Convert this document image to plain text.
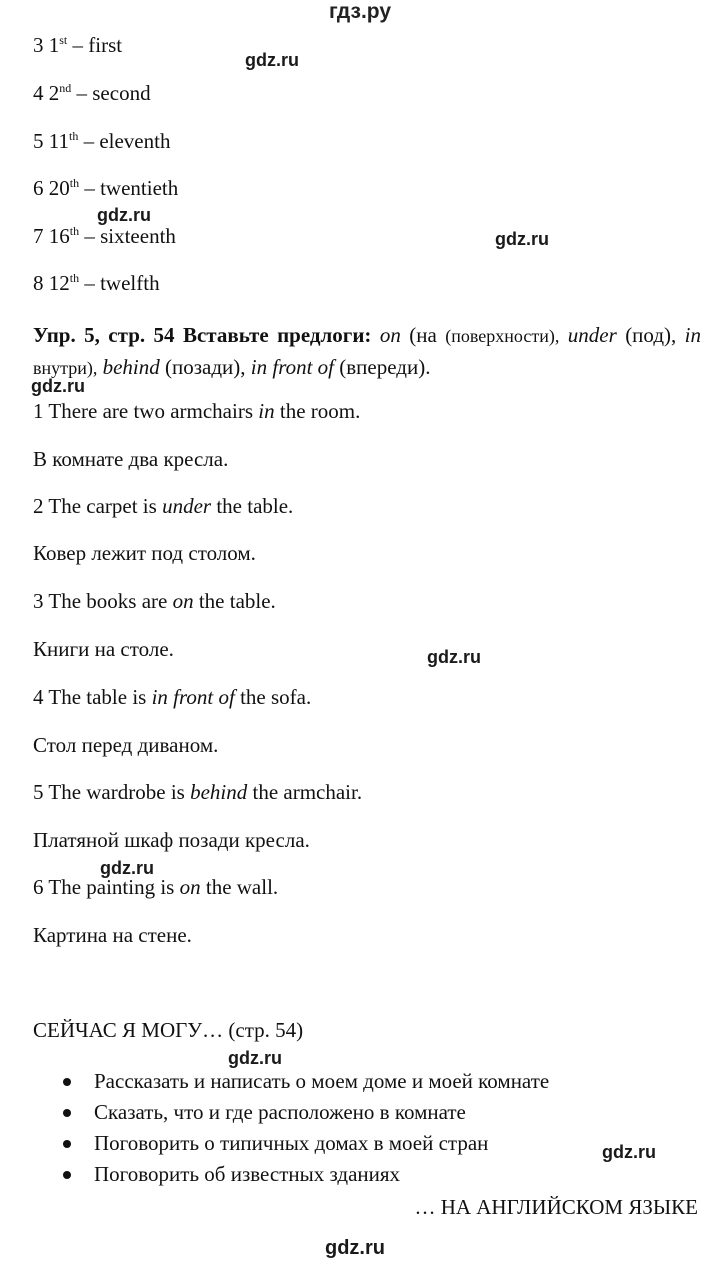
гдз.ру
3 1st – first
4 2nd – second
5 11th – eleventh
6 20th – twentieth
7 16th – sixteenth
8 12th – twelfth
Упр. 5, стр. 54 Вставьте предлоги: on (на (поверхности), under (под), in внутри), behind (позади), in front of (впереди).
1 There are two armchairs in the room.
В комнате два кресла.
2 The carpet is under the table.
Ковер лежит под столом.
3 The books are on the table.
Книги на столе.
4 The table is in front of the sofa.
Стол перед диваном.
5 The wardrobe is behind the armchair.
Платяной шкаф позади кресла.
6 The painting is on the wall.
Картина на стене.
СЕЙЧАС Я МОГУ… (стр. 54)
Рассказать и написать о моем доме и моей комнате
Сказать, что и где расположено в комнате
Поговорить о типичных домах в моей стран
Поговорить об известных зданиях
… НА АНГЛИЙСКОМ ЯЗЫКЕ
gdz.ru
gdz.ru
gdz.ru
gdz.ru
gdz.ru
gdz.ru
gdz.ru
gdz.ru
gdz.ru
